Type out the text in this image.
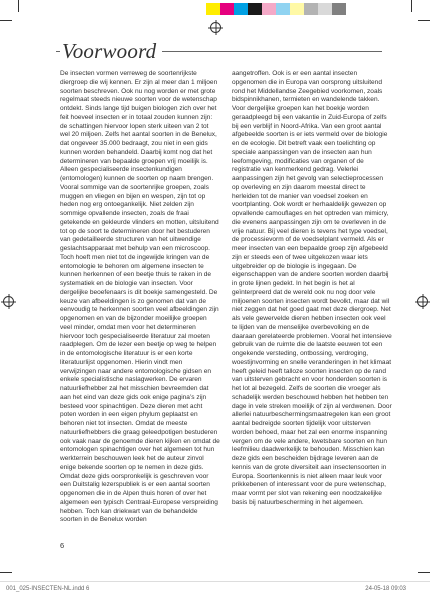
Voorwoord

De insecten vormen verreweg de soortenrijkste diergroep die wij kennen. Er zijn al meer dan 1 miljoen soorten beschreven. Ook nu nog worden er met grote regelmaat steeds nieuwe soorten voor de wetenschap ontdekt. Sinds lange tijd buigen biologen zich over het feit hoeveel insecten er in totaal zouden kunnen zijn: de schattingen hiervoor lopen sterk uiteen van 2 tot wel 20 miljoen. Zelfs het aantal soorten in de Benelux, dat ongeveer 35.000 bedraagt, zou niet in een gids kunnen worden behandeld. Daarbij komt nog dat het determineren van bepaalde groepen vrij moeilijk is. Alleen gespecialiseerde insectenkundigen (entomologen) kunnen de soorten op naam brengen. Vooral sommige van de soortenrijke groepen, zoals muggen en vliegen en bijen en wespen, zijn tot op heden nog erg ontoegankelijk. Niet zelden zijn sommige opvallende insecten, zoals de fraai getekende en gekleurde vlinders en motten, uitsluitend tot op de soort te determineren door het bestuderen van gedetailleerde structuren van het uitwendige geslachtsapparaat met behulp van een microscoop. Toch hoeft men niet tot de ingewijde kringen van de entomologie te behoren om algemene insecten te kunnen herkennen of een beetje thuis te raken in de systematiek en de biologie van insecten. Voor dergelijke beoefenaars is dit boekje samengesteld. De keuze van afbeeldingen is zo genomen dat van de eenvoudig te herkennen soorten veel afbeeldingen zijn opgenomen en van de bijzonder moeilijke groepen veel minder, omdat men voor het determineren hiervoor toch gespecialiseerde literatuur zal moeten raadplegen. Om de lezer een beetje op weg te helpen in de entomologische literatuur is er een korte literatuurlijst opgenomen. Hierin vindt men verwijzingen naar andere entomologische gidsen en enkele specialistische naslagwerken. De ervaren natuurliefhebber zal het misschien bevreemden dat aan het eind van deze gids ook enige pagina’s zijn besteed voor spinachtigen. Deze dieren met acht poten worden in een eigen phylum geplaatst en behoren niet tot insecten. Omdat de meeste natuurliefhebbers die graag geleedpotigen bestuderen ook vaak naar de genoemde dieren kijken en omdat de entomologen spinachtigen over het algemeen tot hun werkterrein beschouwen leek het de auteur zinvol enige bekende soorten op te nemen in deze gids. Omdat deze gids oorspronkelijk is geschreven voor een Duitstalig lezerspubliek is er een aantal soorten opgenomen die in de Alpen thuis horen of over het algemeen een typisch Centraal-Europese verspreiding hebben. Toch kan driekwart van de behandelde soorten in de Benelux worden

aangetroffen. Ook is er een aantal insecten opgenomen die in Europa van oorsprong uitsluitend rond het Middellandse Zeegebied voorkomen, zoals bidspinnikhanen, termieten en wandelende takken. Voor dergelijke groepen kan het boekje worden geraadpleegd bij een vakantie in Zuid-Europa of zelfs bij een verblijf in Noord-Afrika. Van een groot aantal afgebeelde soorten is er iets vermeld over de biologie en de ecologie. Dit betreft vaak een toelichting op speciale aanpassingen van de insecten aan hun leefomgeving, modificaties van organen of de registratie van kenmerkend gedrag. Velerlei aanpassingen zijn het gevolg van selectieprocessen op overleving en zijn daarom meestal direct te herleiden tot de manier van voedsel zoeken en voortplanting. Ook wordt er herhaaldelijk gewezen op opvallende camouflages en het optreden van mimicry, die evenens aanpassingen zijn om te overleven in de vrije natuur. Bij veel dieren is tevens het type voedsel, de processievorm of de voedselplant vermeld. Als er meer insecten van een bepaalde groep zijn afgebeeld zijn er steeds een of twee uitgekozen waar iets uitgebreider op de biologie is ingegaan. De eigenschappen van de andere soorten worden daarbij in grote lijnen gedekt. In het begin is het al geïnterpreerd dat de wereld ook nu nog door vele miljoenen soorten insecten wordt bevolkt, maar dat wil niet zeggen dat het goed gaat met deze diergroep. Net als vele gewervelde dieren hebben insecten ook veel te lijden van de menselijke overbevolking en de daaraan gerelateerde problemen. Vooral het intensieve gebruik van de ruimte die de laatste eeuwen tot een ongekende versteding, ontbossing, verdroging, woestijnvorming en snelle veranderingen in het klimaat heeft geleid heeft talloze soorten insecten op de rand van uitsterven gebracht en voor honderden soorten is het lot al bezegeld. Zelfs de soorten die vroeger als schadelijk werden beschouwd hebben het hebben ten dage in vele streken moeilijk of zijn al verdwenen. Door allerlei natuurbeschermingsmaatregelen kan een groot aantal bedreigde soorten tijdelijk voor uitsterven worden behoed, maar het zal een enorme inspanning vergen om de vele andere, kwetsbare soorten en hun leefmilieu daadwerkelijk te behouden. Misschien kan deze gids een bescheiden bijdrage leveren aan de kennis van de grote diversiteit aan insectensoorten in Europa. Soortenkennis is niet alleen maar leuk voor prikkebenen of interessant voor de pure wetenschap, maar vormt per slot van rekening een noodzakelijke basis bij natuurbescherming in het algemeen.

6
001_025-INSECTEN-NL.indd 6	24-05-18 09:03
